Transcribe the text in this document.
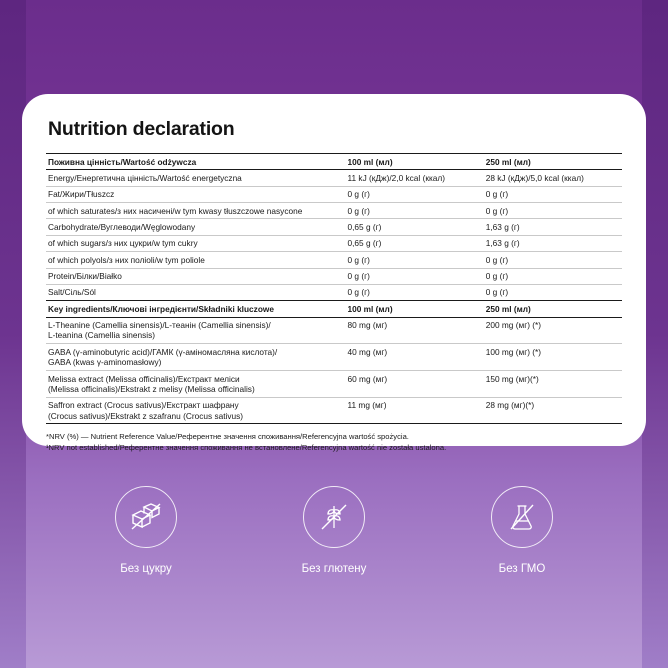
Nutrition declaration
Поживна цінність/Wartość odżywcza	100 ml (мл)	250 ml (мл)
Energy/Енергетична цінність/Wartość energetyczna	11 kJ (кДж)/2,0 kcal (ккал)	28 kJ (кДж)/5,0 kcal (ккал)
Fat/Жири/Tłuszcz	0 g (г)	0 g (г)
of which saturates/з них насичені/w tym kwasy tłuszczowe nasycone	0 g (г)	0 g (г)
Carbohydrate/Вуглеводи/Węglowodany	0,65 g (г)	1,63 g (г)
of which sugars/з них цукри/w tym cukry	0,65 g (г)	1,63 g (г)
of which polyols/з них полioli/w tym poliole	0 g (г)	0 g (г)
Protein/Білки/Białko	0 g (г)	0 g (г)
Salt/Сіль/Sól	0 g (г)	0 g (г)
Key ingredients/Ключові інгредієнти/Składniki kluczowe	100 ml (мл)	250 ml (мл)

L-Theanine (Camellia sinensis)/L-теанін (Camellia sinensis)/
L-teanina (Camellia sinensis)	80 mg (мг)	200 mg (мг) (*)

GABA (γ-aminobutyric acid)/ГАМК (γ-аміномасляна кислота)/
GABA (kwas γ-aminomasłowy)	40 mg (мг)	100 mg (мг) (*)

Melissa extract (Melissa officinalis)/Екстракт меліси
(Melissa officinalis)/Ekstrakt z melisy (Melissa officinalis)	60 mg (мг)	150 mg (мг)(*)

Saffron extract (Crocus sativus)/Екстракт шафрану
(Crocus sativus)/Ekstrakt z szafranu (Crocus sativus)	11 mg (мг)	28 mg (мг)(*)
*NRV (%) — Nutrient Reference Value/Референтне значення споживання/Referencyjna wartość spożycia.
¹NRV not established/Референтне значення споживання не встановлене/Referencyjna wartość nie została ustalona.
Без цукру	Без глютену	Без ГМО
